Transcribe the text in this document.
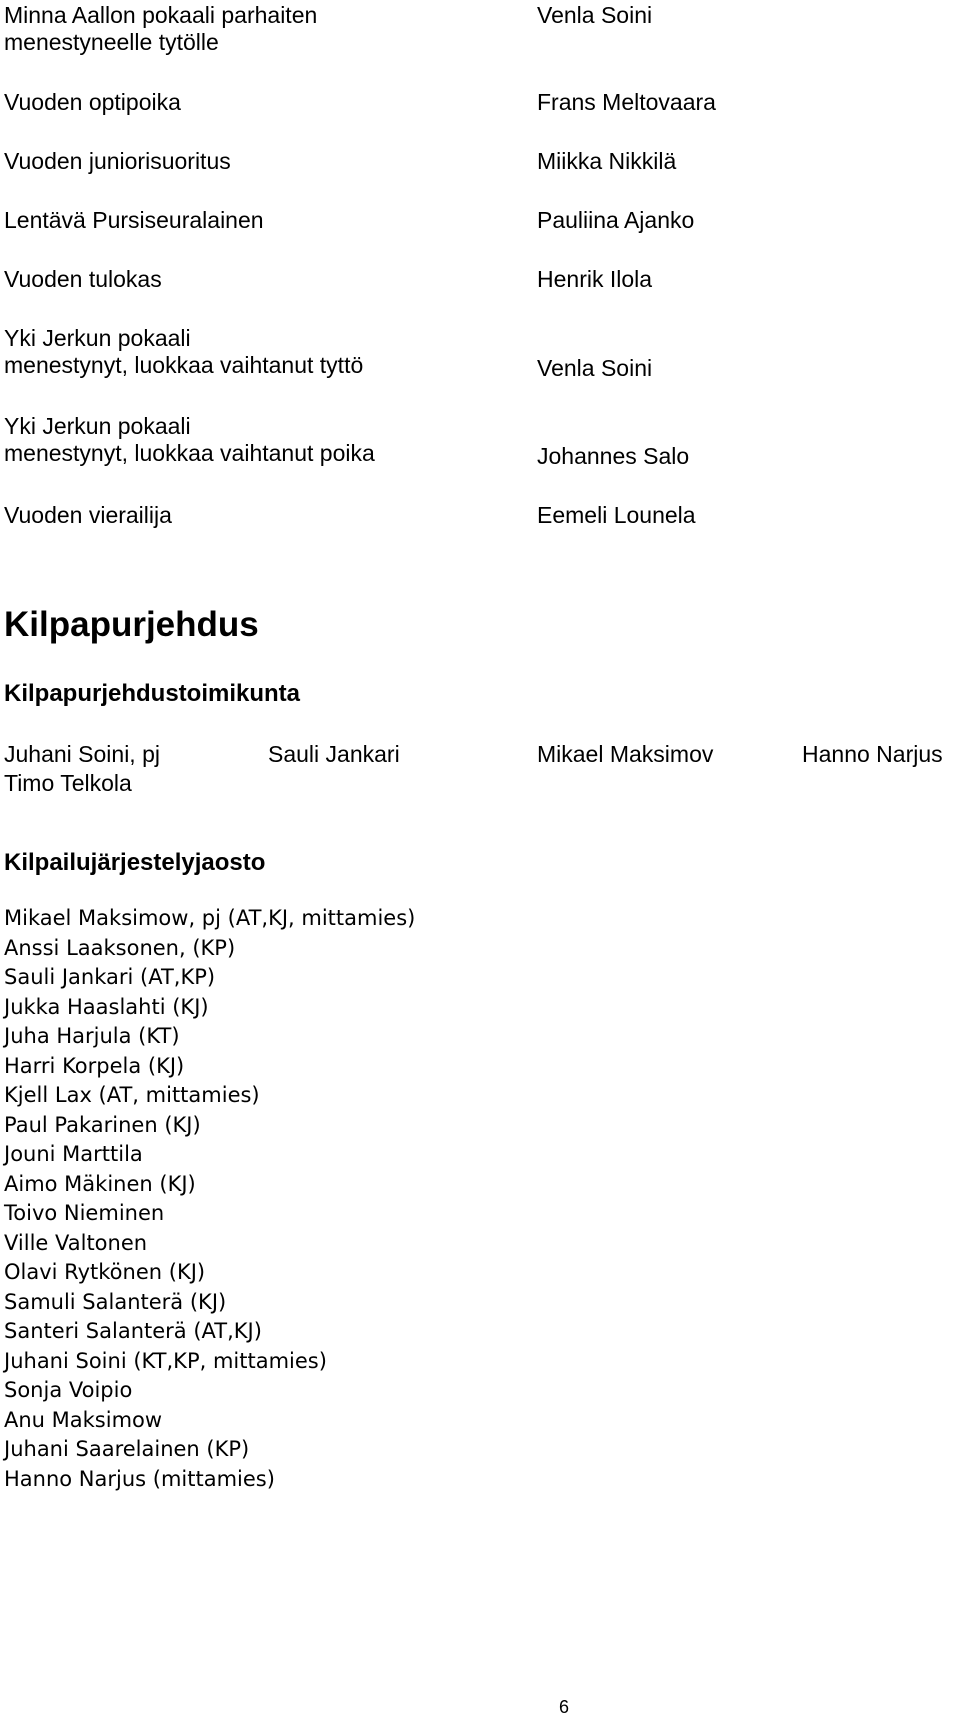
Minna Aallon pokaali parhaiten
menestyneelle tytölle
Venla Soini
Vuoden optipoika	Frans Meltovaara
Vuoden juniorisuoritus	Miikka Nikkilä
Lentävä Pursiseuralainen	Pauliina Ajanko
Vuoden tulokas	Henrik Ilola
Yki Jerkun pokaali
menestynyt, luokkaa vaihtanut tyttö	Venla Soini
Yki Jerkun pokaali
menestynyt, luokkaa vaihtanut poika	Johannes Salo
Vuoden vierailija	Eemeli Lounela
Kilpapurjehdus
Kilpapurjehdustoimikunta
Juhani Soini, pj	Sauli Jankari	Mikael Maksimov	Hanno Narjus
Timo Telkola
Kilpailujärjestelyjaosto
Mikael Maksimow, pj (AT,KJ, mittamies)
Anssi Laaksonen, (KP)
Sauli Jankari (AT,KP)
Jukka Haaslahti (KJ)
Juha Harjula (KT)
Harri Korpela (KJ)
Kjell Lax (AT, mittamies)
Paul Pakarinen (KJ)
Jouni Marttila
Aimo Mäkinen (KJ)
Toivo Nieminen
Ville Valtonen
Olavi Rytkönen (KJ)
Samuli Salanterä (KJ)
Santeri Salanterä (AT,KJ)
Juhani Soini (KT,KP, mittamies)
Sonja Voipio
Anu Maksimow
Juhani Saarelainen (KP)
Hanno Narjus (mittamies)
6
